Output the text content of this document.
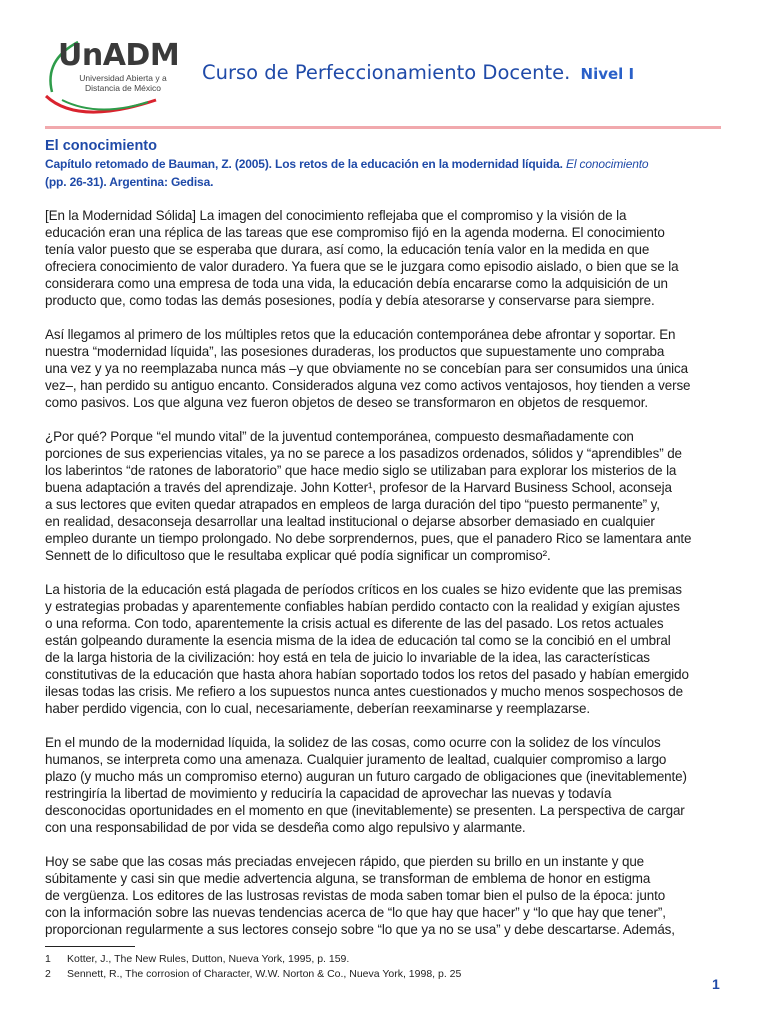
UnADM
Universidad Abierta y a
Distancia de México
Curso de Perfeccionamiento Docente. Nivel I
El conocimiento
Capítulo retomado de Bauman, Z. (2005). Los retos de la educación en la modernidad líquida. El conocimiento
(pp. 26-31). Argentina: Gedisa.
[En la Modernidad Sólida] La imagen del conocimiento reflejaba que el compromiso y la visión de la
educación eran una réplica de las tareas que ese compromiso fijó en la agenda moderna. El conocimiento
tenía valor puesto que se esperaba que durara, así como, la educación tenía valor en la medida en que
ofreciera conocimiento de valor duradero. Ya fuera que se le juzgara como episodio aislado, o bien que se la
considerara como una empresa de toda una vida, la educación debía encararse como la adquisición de un
producto que, como todas las demás posesiones, podía y debía atesorarse y conservarse para siempre.
Así llegamos al primero de los múltiples retos que la educación contemporánea debe afrontar y soportar. En
nuestra “modernidad líquida”, las posesiones duraderas, los productos que supuestamente uno compraba
una vez y ya no reemplazaba nunca más –y que obviamente no se concebían para ser consumidos una única
vez–, han perdido su antiguo encanto. Considerados alguna vez como activos ventajosos, hoy tienden a verse
como pasivos. Los que alguna vez fueron objetos de deseo se transformaron en objetos de resquemor.
¿Por qué? Porque “el mundo vital” de la juventud contemporánea, compuesto desmañadamente con
porciones de sus experiencias vitales, ya no se parece a los pasadizos ordenados, sólidos y “aprendibles” de
los laberintos “de ratones de laboratorio” que hace medio siglo se utilizaban para explorar los misterios de la
buena adaptación a través del aprendizaje. John Kotter¹, profesor de la Harvard Business School, aconseja
a sus lectores que eviten quedar atrapados en empleos de larga duración del tipo “puesto permanente” y,
en realidad, desaconseja desarrollar una lealtad institucional o dejarse absorber demasiado en cualquier
empleo durante un tiempo prolongado. No debe sorprendernos, pues, que el panadero Rico se lamentara ante
Sennett de lo dificultoso que le resultaba explicar qué podía significar un compromiso².
La historia de la educación está plagada de períodos críticos en los cuales se hizo evidente que las premisas
y estrategias probadas y aparentemente confiables habían perdido contacto con la realidad y exigían ajustes
o una reforma. Con todo, aparentemente la crisis actual es diferente de las del pasado. Los retos actuales
están golpeando duramente la esencia misma de la idea de educación tal como se la concibió en el umbral
de la larga historia de la civilización: hoy está en tela de juicio lo invariable de la idea, las características
constitutivas de la educación que hasta ahora habían soportado todos los retos del pasado y habían emergido
ilesas todas las crisis. Me refiero a los supuestos nunca antes cuestionados y mucho menos sospechosos de
haber perdido vigencia, con lo cual, necesariamente, deberían reexaminarse y reemplazarse.
En el mundo de la modernidad líquida, la solidez de las cosas, como ocurre con la solidez de los vínculos
humanos, se interpreta como una amenaza. Cualquier juramento de lealtad, cualquier compromiso a largo
plazo (y mucho más un compromiso eterno) auguran un futuro cargado de obligaciones que (inevitablemente)
restringiría la libertad de movimiento y reduciría la capacidad de aprovechar las nuevas y todavía
desconocidas oportunidades en el momento en que (inevitablemente) se presenten. La perspectiva de cargar
con una responsabilidad de por vida se desdeña como algo repulsivo y alarmante.
Hoy se sabe que las cosas más preciadas envejecen rápido, que pierden su brillo en un instante y que
súbitamente y casi sin que medie advertencia alguna, se transforman de emblema de honor en estigma
de vergüenza. Los editores de las lustrosas revistas de moda saben tomar bien el pulso de la época: junto
con la información sobre las nuevas tendencias acerca de “lo que hay que hacer” y “lo que hay que tener”,
proporcionan regularmente a sus lectores consejo sobre “lo que ya no se usa” y debe descartarse. Además,
1 Kotter, J., The New Rules, Dutton, Nueva York, 1995, p. 159.
2 Sennett, R., The corrosion of Character, W.W. Norton & Co., Nueva York, 1998, p. 25
1
